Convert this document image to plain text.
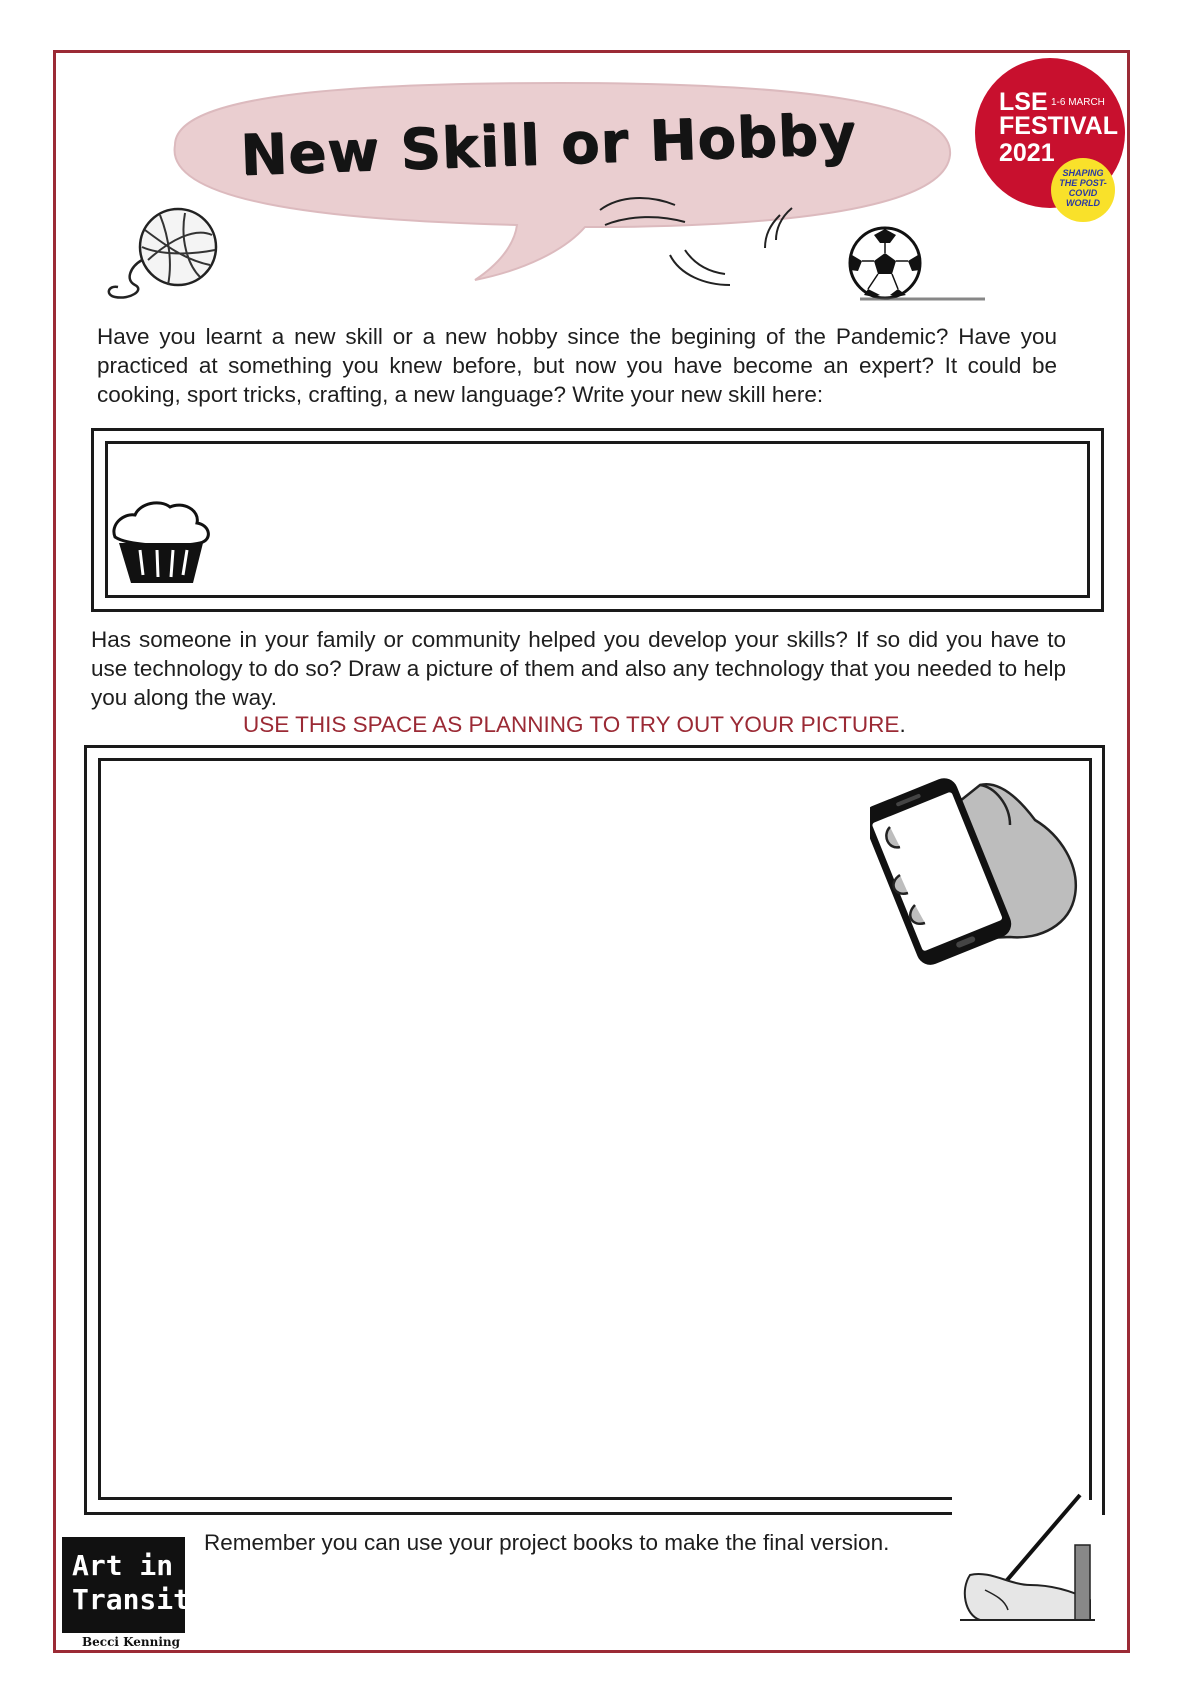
New Skill or Hobby
LSE 1-6 MARCH
FESTIVAL
2021
SHAPING
THE POST-
COVID
WORLD
Have you learnt a new skill or a new hobby since the begining of the Pandemic? Have you practiced at something you knew before, but now you have become an expert? It could be cooking, sport tricks, crafting, a new language? Write your new skill here:
Has someone in your family or community helped you develop your skills? If so did you have to use technology to do so? Draw a picture of them and also any technology that you needed to help you along the way.
USE THIS SPACE AS PLANNING TO TRY OUT YOUR PICTURE.
Remember you can use your project books to make the final version.
Art in
Transit
Becci Kenning
